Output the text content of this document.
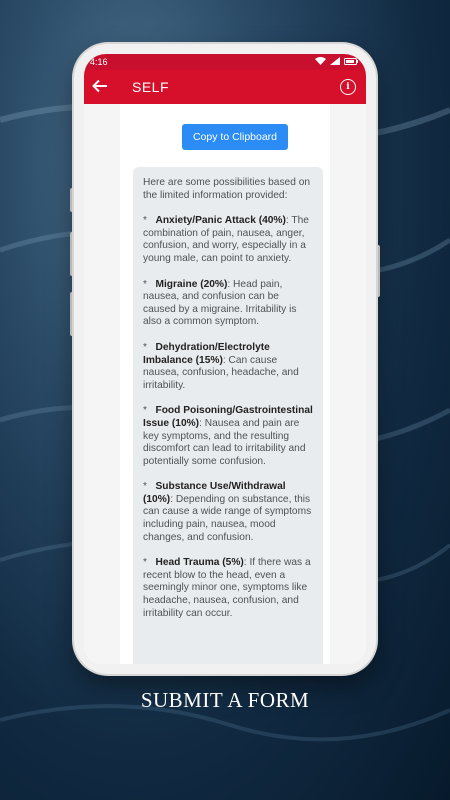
4:16
SELF	i
Copy to Clipboard

Here are some possibilities based on the limited information provided:

* Anxiety/Panic Attack (40%): The combination of pain, nausea, anger, confusion, and worry, especially in a young male, can point to anxiety.

* Migraine (20%): Head pain, nausea, and confusion can be caused by a migraine. Irritability is also a common symptom.

* Dehydration/Electrolyte Imbalance (15%): Can cause nausea, confusion, headache, and irritability.

* Food Poisoning/Gastrointestinal Issue (10%): Nausea and pain are key symptoms, and the resulting discomfort can lead to irritability and potentially some confusion.

* Substance Use/Withdrawal (10%): Depending on substance, this can cause a wide range of symptoms including pain, nausea, mood changes, and confusion.

* Head Trauma (5%): If there was a recent blow to the head, even a seemingly minor one, symptoms like headache, nausea, confusion, and irritability can occur.

SUBMIT A FORM
